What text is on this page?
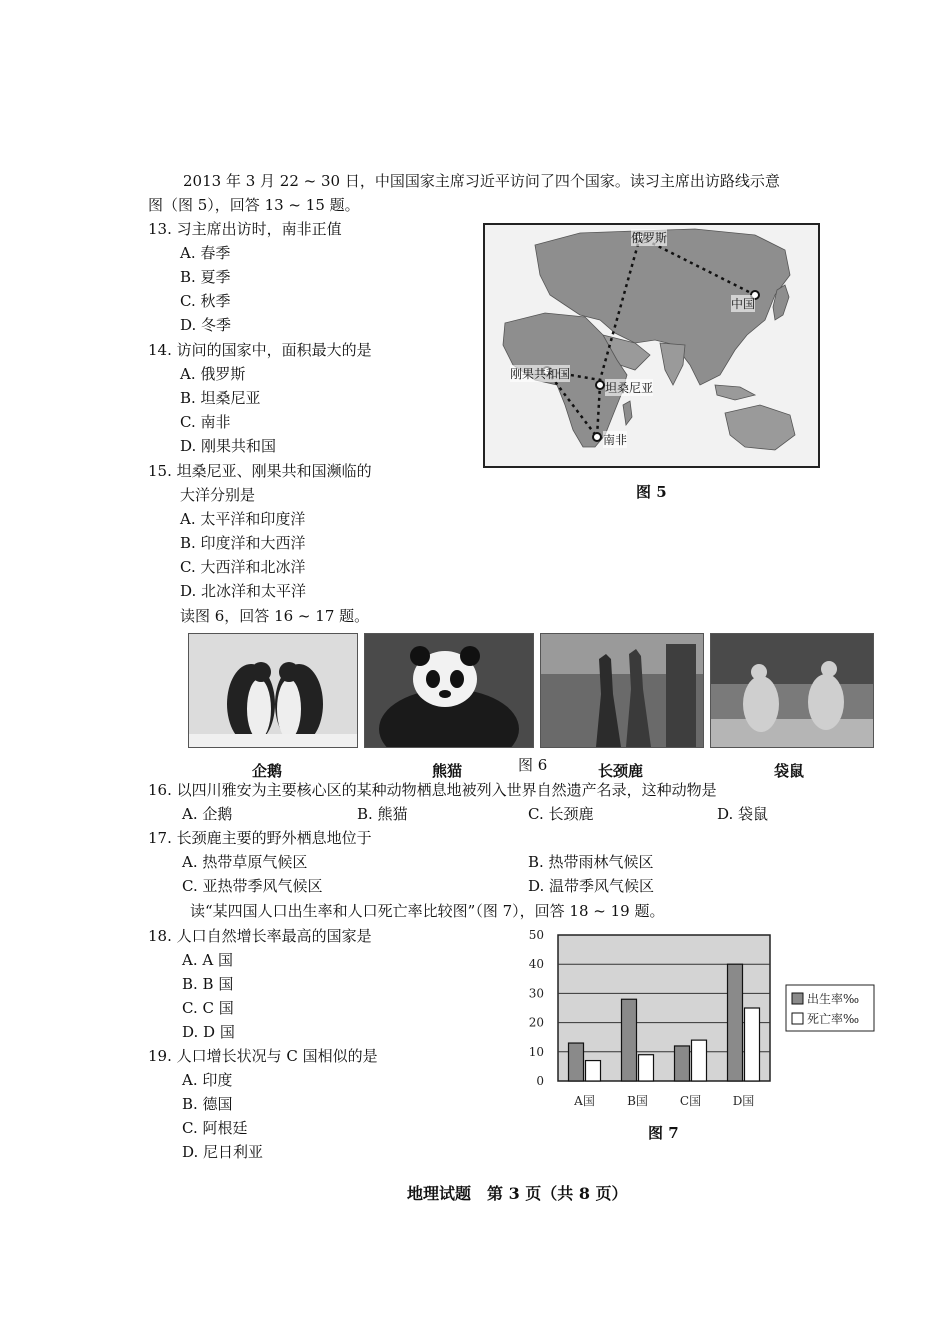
2013 年 3 月 22 ~ 30 日，中国国家主席习近平访问了四个国家。读习主席出访路线示意
图（图 5），回答 13 ~ 15 题。
13. 习主席出访时，南非正值
A. 春季
B. 夏季
C. 秋季
D. 冬季
14. 访问的国家中，面积最大的是
A. 俄罗斯
B. 坦桑尼亚
C. 南非
D. 刚果共和国
15. 坦桑尼亚、刚果共和国濒临的
大洋分别是
A. 太平洋和印度洋
B. 印度洋和大西洋
C. 大西洋和北冰洋
D. 北冰洋和太平洋
俄罗斯
中国
刚果共和国
坦桑尼亚
南非
图 5
读图 6，回答 16 ~ 17 题。
企鹅	熊猫	图 6	长颈鹿	袋鼠
16. 以四川雅安为主要核心区的某种动物栖息地被列入世界自然遗产名录，这种动物是
A. 企鹅	B. 熊猫	C. 长颈鹿	D. 袋鼠
17. 长颈鹿主要的野外栖息地位于
A. 热带草原气候区	B. 热带雨林气候区
C. 亚热带季风气候区	D. 温带季风气候区
读“某四国人口出生率和人口死亡率比较图”（图 7），回答 18 ~ 19 题。
18. 人口自然增长率最高的国家是
A. A 国
B. B 国
C. C 国
D. D 国
19. 人口增长状况与 C 国相似的是
A. 印度
B. 德国
C. 阿根廷
D. 尼日利亚
0
10
20
30
40
50
A国	B国	C国	D国
出生率‰
死亡率‰
图 7
地理试题　第 3 页（共 8 页）
